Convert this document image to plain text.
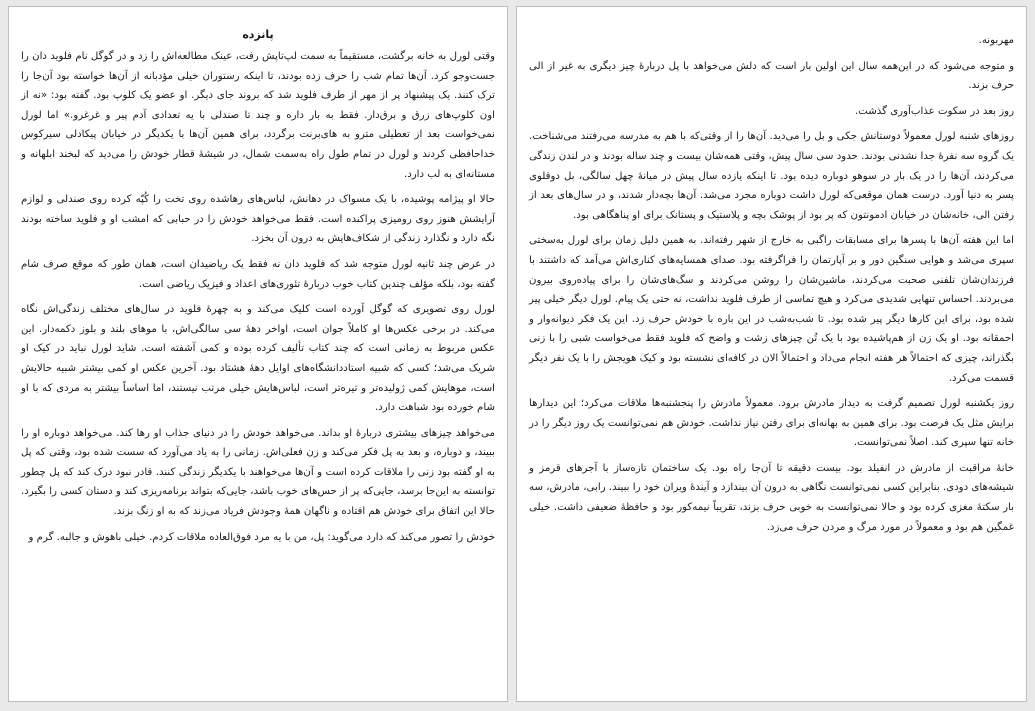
پانزده

وقتی لورل به خانه برگشت، مستقیماً به سمت لپ‌تاپش رفت، عینک مطالعه‌اش را زد و در گوگل نام فلوید دان را جست‌وجو کرد. آن‌ها تمام شب را حرف زده بودند، تا اینکه رستوران خیلی مؤدبانه از آن‌ها خواسته بود آن‌جا را ترک کنند. یک پیشنهاد پر از مهر از طرف فلوید شد که بروند جای دیگر. او عضو یک کلوپ بود. گفته بود: «نه از اون کلوپ‌های زرق و برق‌دار. فقط به بار داره و چند تا صندلی با یه تعدادی آدم پیر و غرغرو.» اما لورل نمی‌خواست بعد از تعطیلی مترو به های‌برنت برگردد، برای همین آن‌ها با یکدیگر در خیابان پیکادلی سیرکوس خداحافظی کردند و لورل در تمام طول راه به‌سمت شمال، در شیشهٔ قطار خودش را می‌دید که لبخند ابلهانه و مستانه‌ای به لب دارد.

حالا او پیژامه پوشیده، با یک مسواک در دهانش، لباس‌های رهاشده روی تخت را کُپّه کرده روی صندلی و لوازم آرایشش هنوز روی رومیزی پراکنده است. فقط می‌خواهد خودش را در حبابی که امشب او و فلوید ساخته بودند نگه دارد و نگذارد زندگی از شکاف‌هایش به درون آن بخزد.

در عرض چند ثانیه لورل متوجه شد که فلوید دان نه فقط یک ریاضیدان است، همان طور که موقع صرف شام گفته بود، بلکه مؤلف چندین کتاب خوب دربارهٔ تئوری‌های اعداد و فیزیک ریاضی است.

لورل روی تصویری که گوگل آورده است کلیک می‌کند و به چهرهٔ فلوید در سال‌های مختلف زندگی‌اش نگاه می‌کند. در برخی عکس‌ها او کاملاً جوان است، اواخر دههٔ سی سالگی‌اش، با موهای بلند و بلوز دکمه‌دار. این عکس مربوط به زمانی است که چند کتاب تألیف کرده بوده و کمی آشفته است. شاید لورل نباید در کیک او شریک می‌شد؛ کسی که شبیه استاددانشگاه‌های اوایل دههٔ هشتاد بود. آخرین عکس او کمی بیشتر شبیه حالایش است، موهایش کمی ژولیده‌تر و تیره‌تر است، لباس‌هایش خیلی مرتب نیستند، اما اساساً بیشتر به مردی که با او شام خورده بود شباهت دارد.

می‌خواهد چیزهای بیشتری دربارهٔ او بداند. می‌خواهد خودش را در دنیای جذاب او رها کند. می‌خواهد دوباره او را ببیند، و دوباره، و بعد به پل فکر می‌کند و زن فعلی‌اش. زمانی را به یاد می‌آورد که سست شده بود، وقتی که پل به او گفته بود زنی را ملاقات کرده است و آن‌ها می‌خواهند با یکدیگر زندگی کنند. قادر نبود درک کند که پل چطور توانسته به این‌جا برسد، جایی‌که پر از حس‌های خوب باشد، جایی‌که بتواند برنامه‌ریزی کند و دستان کسی را بگیرد. حالا این اتفاق برای خودش هم افتاده و ناگهان همهٔ وجودش فریاد می‌زند که به او زنگ بزند.

خودش را تصور می‌کند که دارد می‌گوید: پل، من با یه مرد فوق‌العاده ملاقات کردم. خیلی باهوش و جالبه. گرم و

مهربونه.

و متوجه می‌شود که در این‌همه سال این اولین بار است که دلش می‌خواهد با پل دربارهٔ چیز دیگری به غیر از الی حرف بزند.

روز بعد در سکوت عذاب‌آوری گذشت.

روزهای شنبه لورل معمولاً دوستانش جکی و بل را می‌دید. آن‌ها را از وقتی‌که با هم به مدرسه می‌رفتند می‌شناخت. یک گروه سه نفرهٔ جدا نشدنی بودند. حدود سی سال پیش، وقتی همه‌شان بیست و چند ساله بودند و در لندن زندگی می‌کردند، آن‌ها را در یک بار در سوهو دوباره دیده بود. تا اینکه یازده سال پیش در میانهٔ چهل سالگی، بل دوقلوی پسر به دنیا آورد. درست همان موقعی‌که لورل داشت دوباره مجرد می‌شد. آن‌ها بچه‌دار شدند، و در سال‌های بعد از رفتن الی، خانه‌شان در خیابان ادمونتون که پر بود از پوشک بچه و پلاستیک و پستانک برای او پناهگاهی بود.

اما این هفته آن‌ها با پسرها برای مسابقات راگبی به خارج از شهر رفته‌اند. به همین دلیل زمان برای لورل به‌سختی سپری می‌شد و هوایی سنگین دور و بر آپارتمان را فراگرفته بود. صدای همسایه‌های کناری‌اش می‌آمد که داشتند با فرزندان‌شان تلفنی صحبت می‌کردند، ماشین‌شان را روشن می‌کردند و سگ‌های‌شان را برای پیاده‌روی بیرون می‌بردند. احساس تنهایی شدیدی می‌کرد و هیچ تماسی از طرف فلوید نداشت، نه حتی یک پیام. لورل دیگر خیلی پیر شده بود، برای این کارها دیگر پیر شده بود. تا شب‌به‌شب در این باره با خودش حرف زد. این یک فکر دیوانه‌وار و احمقانه بود. او یک زن از هم‌پاشیده بود با یک تُن چیزهای زشت و واضح که فلوید فقط می‌خواست شبی را با زنی بگذراند، چیزی که احتمالاً هر هفته انجام می‌داد و احتمالاً الان در کافه‌ای نشسته بود و کیک هویجش را با یک نفر دیگر قسمت می‌کرد.

روز یکشنبه لورل تصمیم گرفت به دیدار مادرش برود. معمولاً مادرش را پنجشنبه‌ها ملاقات می‌کرد؛ این دیدارها برایش مثل یک فرصت بود. برای همین به بهانه‌ای برای رفتن نیاز نداشت. خودش هم نمی‌توانست یک روز دیگر را در خانه تنها سپری کند. اصلاً نمی‌توانست.

خانهٔ مراقبت از مادرش در انفیلد بود. بیست دقیقه تا آن‌جا راه بود. یک ساختمان تازه‌ساز با آجرهای قرمز و شیشه‌های دودی. بنابراین کسی نمی‌توانست نگاهی به درون آن بیندازد و آیندهٔ ویران خود را ببیند. رابی، مادرش، سه بار سکتهٔ مغزی کرده بود و حالا نمی‌توانست به خوبی حرف بزند، تقریباً نیمه‌کور بود و حافظهٔ ضعیفی داشت. خیلی غمگین هم بود و معمولاً در مورد مرگ و مردن حرف می‌زد.
